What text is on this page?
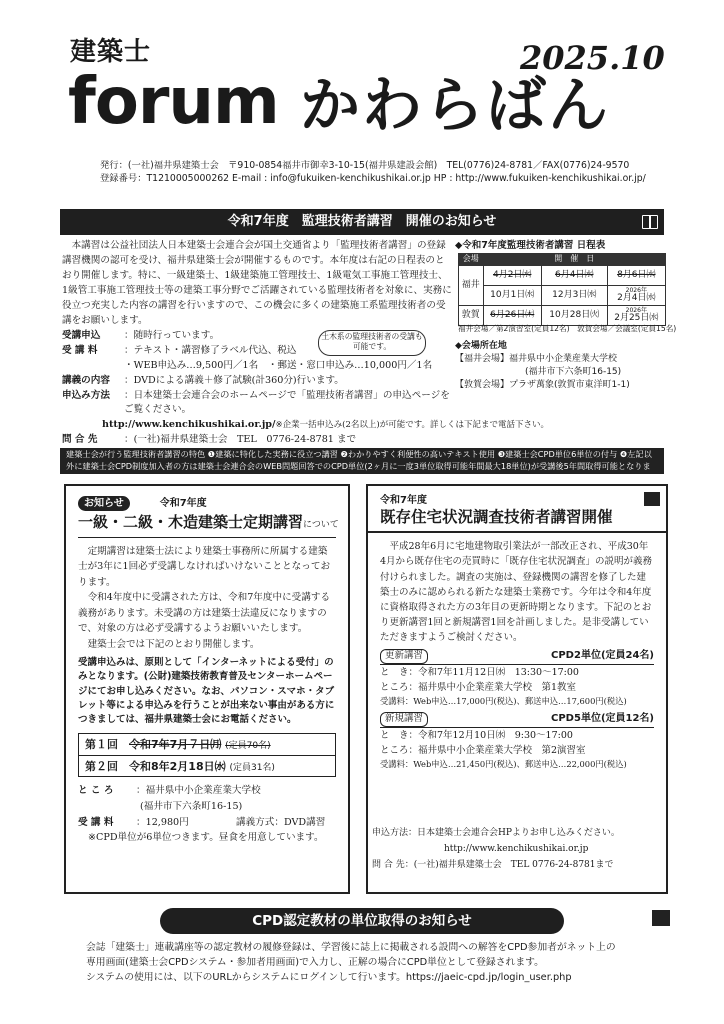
建築士
forum かわらばん
2025.10
発行：(一社)福井県建築士会　〒910-0854福井市御幸3-10-15(福井県建設会館)　TEL(0776)24-8781／FAX(0776)24-9570
登録番号：T1210005000262 E-mail : info@fukuiken-kenchikushikai.or.jp HP : http://www.fukuiken-kenchikushikai.or.jp/
令和7年度　監理技術者講習　開催のお知らせ

本講習は公益社団法人日本建築士会連合会が国土交通省より「監理技術者講習」の登録講習機関の認可を受け、福井県建築士会が開催するものです。本年度は右記の日程表のとおり開催します。特に、一級建築士、1級建築施工管理技士、1級電気工事施工管理技士、1級管工事施工管理技士等の建築工事分野でご活躍されている監理技術者を対象に、実務に役立つ充実した内容の講習を行いますので、この機会に多くの建築施工系監理技術者の受講をお願いします。

受講申込	：随時行っています。
受 講 料	：テキスト・講習修了ラベル代込、税込
・WEB申込み…9,500円／1名　・郵送・窓口申込み…10,000円／1名
講義の内容	：DVDによる講義＋修了試験(計360分)行います。
申込み方法	：日本建築士会連合会のホームページで「監理技術者講習」の申込ページをご覧ください。
http://www.kenchikushikai.or.jp/※企業一括申込み(2名以上)が可能です。詳しくは下記まで電話下さい。
問 合 先	：(一社)福井県建築士会　TEL　0776-24-8781 まで
土木系の監理技術者の受講も可能です。
◆令和7年度監理技術者講習 日程表
会場	開　催　日		
福井	4月2日㈬	6月4日㈬	8月6日㈬
	10月1日㈬	12月3日㈬	2026年
2月4日㈬

敦賀	6月26日㈭	10月28日㈫	2026年
2月25日㈬
福井会場／第2演習室(定員12名)　敦賀会場／会議室(定員15名)
◆会場所在地
【福井会場】福井県中小企業産業大学校
(福井市下六条町16-15)
【敦賀会場】プラザ萬象(敦賀市東洋町1-1)
建築士会が行う監理技術者講習の特色 ❶建築に特化した実務に役立つ講習 ❷わかりやすく利便性の高いテキスト使用 ❸建築士会CPD単位6単位の付与 ❹左記以外に建築士会CPD制度加入者の方は建築士会連合会のWEB問題回答でのCPD単位(2ヶ月に一度3単位取得可能年間最大18単位)が受講後5年間取得可能となります。
お知らせ	令和7年度
一級・二級・木造建築士定期講習について

定期講習は建築士法により建築士事務所に所属する建築士が3年に1回必ず受講しなければいけないこととなっております。

令和4年度中に受講された方は、令和7年度中に受講する義務があります。未受講の方は建築士法違反になりますので、対象の方は必ず受講するようお願いいたします。

建築士会では下記のとおり開催します。

受講申込みは、原則として「インターネットによる受付」のみとなります。(公財)建築技術教育普及センターホームページにてお申し込みください。なお、パソコン・スマホ・タブレット等による申込みを行うことが出来ない事由がある方につきましては、福井県建築士会にお電話ください。
第１回　 令和7年7月７日㈪ (定員70名)
第２回　 令和8年2月18日㈬ (定員31名)
と こ ろ	：福井県中小企業産業大学校
(福井市下六条町16-15)
受 講 料	：12,980円	講義方式：DVD講習
※CPD単位が6単位つきます。昼食を用意しています。
令和7年度
既存住宅状況調査技術者講習開催

平成28年6月に宅地建物取引業法が一部改正され、平成30年4月から既存住宅の売買時に「既存住宅状況調査」の説明が義務付けられました。調査の実施は、登録機関の講習を修了した建築士のみに認められる新たな建築士業務です。今年は令和4年度に資格取得された方の3年目の更新時期となります。下記のとおり更新講習1回と新規講習1回を計画しました。是非受講していただきますようご検討ください。

更新講習	CPD2単位(定員24名)
と　き：令和7年11月12日㈬　13:30～17:00
ところ：福井県中小企業産業大学校　第1教室
受講料：Web申込…17,000円(税込)、郵送申込…17,600円(税込)
新規講習	CPD5単位(定員12名)
と　き：令和7年12月10日㈬　9:30～17:00
ところ：福井県中小企業産業大学校　第2演習室
受講料：Web申込…21,450円(税込)、郵送申込…22,000円(税込)
申込方法：日本建築士会連合会HPよりお申し込みください。
http://www.kenchikushikai.or.jp
問 合 先：(一社)福井県建築士会　TEL 0776-24-8781まで
CPD認定教材の単位取得のお知らせ
会誌「建築士」連載講座等の認定教材の履修登録は、学習後に誌上に掲載される設問への解答をCPD参加者がネット上の
専用画面(建築士会CPDシステム・参加者用画面)で入力し、正解の場合にCPD単位として登録されます。
システムの使用には、以下のURLからシステムにログインして行います。https://jaeic-cpd.jp/login_user.php
